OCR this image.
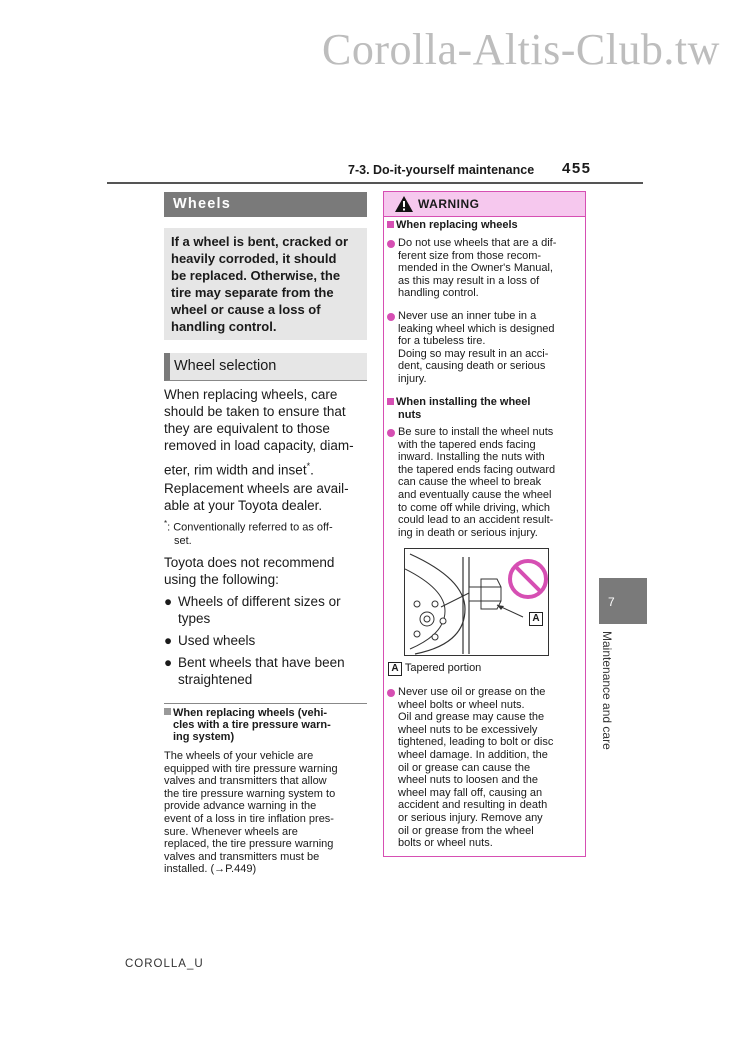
Corolla-Altis-Club.tw
7-3. Do-it-yourself maintenance 455
Wheels
If a wheel is bent, cracked or
heavily corroded, it should
be replaced. Otherwise, the
tire may separate from the
wheel or cause a loss of
handling control.
Wheel selection
When replacing wheels, care
should be taken to ensure that
they are equivalent to those
removed in load capacity, diam-
eter, rim width and inset*.
Replacement wheels are avail-
able at your Toyota dealer.
*: Conventionally referred to as off-
set.
Toyota does not recommend
using the following:
● Wheels of different sizes or
types
● Used wheels
● Bent wheels that have been
straightened
When replacing wheels (vehi-
cles with a tire pressure warn-
ing system)
The wheels of your vehicle are
equipped with tire pressure warning
valves and transmitters that allow
the tire pressure warning system to
provide advance warning in the
event of a loss in tire inflation pres-
sure. Whenever wheels are
replaced, the tire pressure warning
valves and transmitters must be
installed. (→P.449)
WARNING
When replacing wheels
Do not use wheels that are a dif-
ferent size from those recom-
mended in the Owner's Manual,
as this may result in a loss of
handling control.
Never use an inner tube in a
leaking wheel which is designed
for a tubeless tire.
Doing so may result in an acci-
dent, causing death or serious
injury.
When installing the wheel
nuts
Be sure to install the wheel nuts
with the tapered ends facing
inward. Installing the nuts with
the tapered ends facing outward
can cause the wheel to break
and eventually cause the wheel
to come off while driving, which
could lead to an accident result-
ing in death or serious injury.
A
A Tapered portion
Never use oil or grease on the
wheel bolts or wheel nuts.
Oil and grease may cause the
wheel nuts to be excessively
tightened, leading to bolt or disc
wheel damage. In addition, the
oil or grease can cause the
wheel nuts to loosen and the
wheel may fall off, causing an
accident and resulting in death
or serious injury. Remove any
oil or grease from the wheel
bolts or wheel nuts.
7
Maintenance and care
COROLLA_U
